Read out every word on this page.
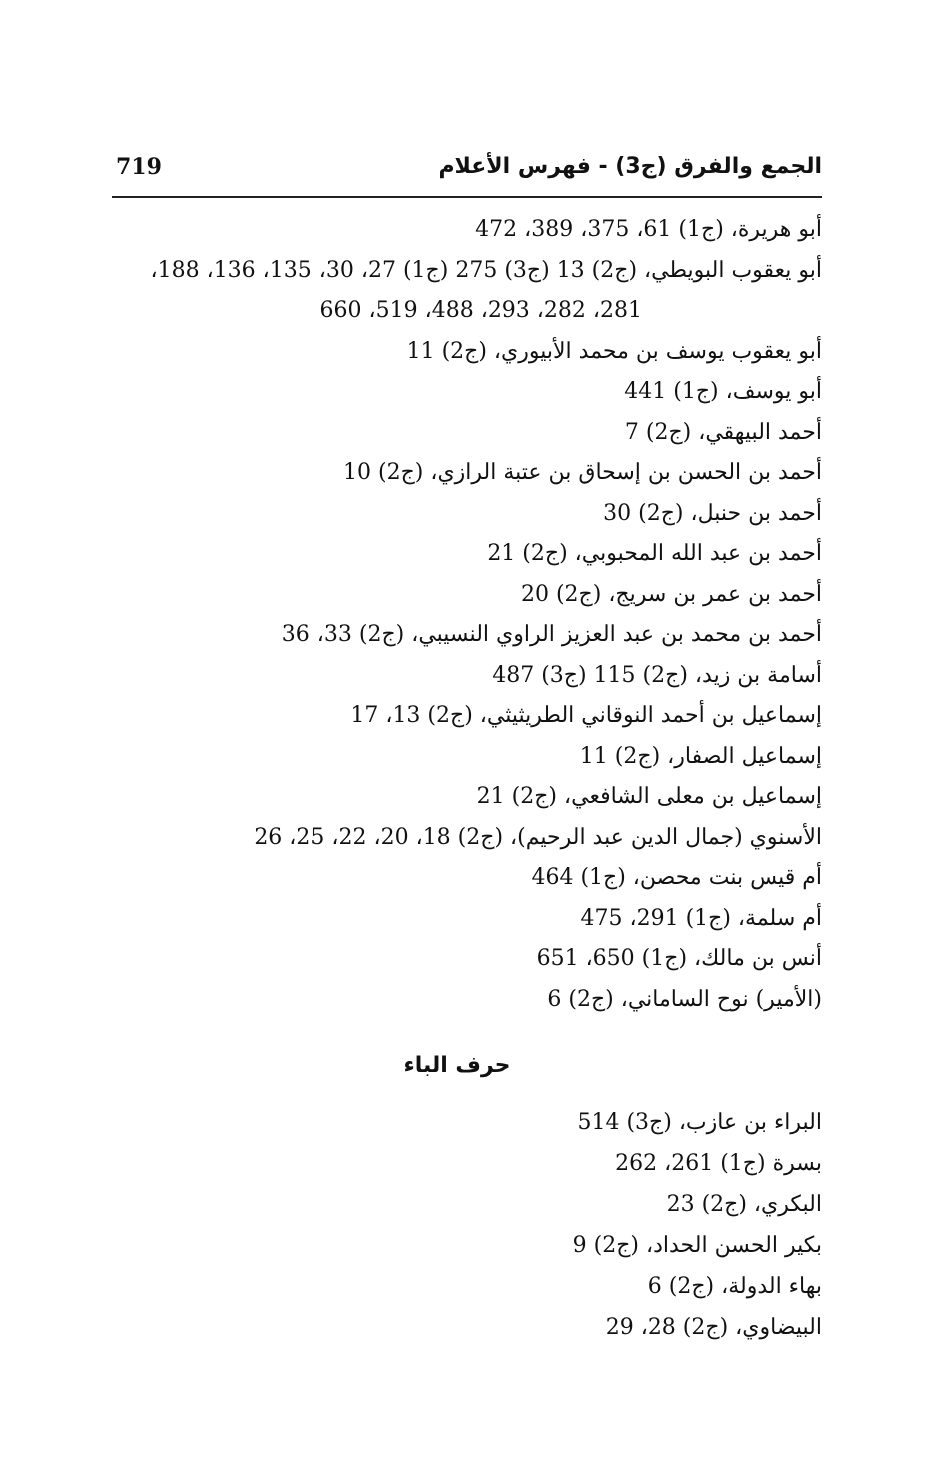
الجمع والفرق (ج3) - فهرس الأعلام
719
أبو هريرة، (ج1) 61، 375، 389، 472
أبو يعقوب البويطي، (ج2) 13 (ج3) 275 (ج1) 27، 30، 135، 136، 188،
281، 282، 293، 488، 519، 660
أبو يعقوب يوسف بن محمد الأبيوري، (ج2) 11
أبو يوسف، (ج1) 441
أحمد البيهقي، (ج2) 7
أحمد بن الحسن بن إسحاق بن عتبة الرازي، (ج2) 10
أحمد بن حنبل، (ج2) 30
أحمد بن عبد الله المحبوبي، (ج2) 21
أحمد بن عمر بن سريج، (ج2) 20
أحمد بن محمد بن عبد العزيز الراوي النسيبي، (ج2) 33، 36
أسامة بن زيد، (ج2) 115 (ج3) 487
إسماعيل بن أحمد النوقاني الطريثيثي، (ج2) 13، 17
إسماعيل الصفار، (ج2) 11
إسماعيل بن معلى الشافعي، (ج2) 21
الأسنوي (جمال الدين عبد الرحيم)، (ج2) 18، 20، 22، 25، 26
أم قيس بنت محصن، (ج1) 464
أم سلمة، (ج1) 291، 475
أنس بن مالك، (ج1) 650، 651
(الأمير) نوح الساماني، (ج2) 6
حرف الباء
البراء بن عازب، (ج3) 514
بسرة (ج1) 261، 262
البكري، (ج2) 23
بكير الحسن الحداد، (ج2) 9
بهاء الدولة، (ج2) 6
البيضاوي، (ج2) 28، 29
